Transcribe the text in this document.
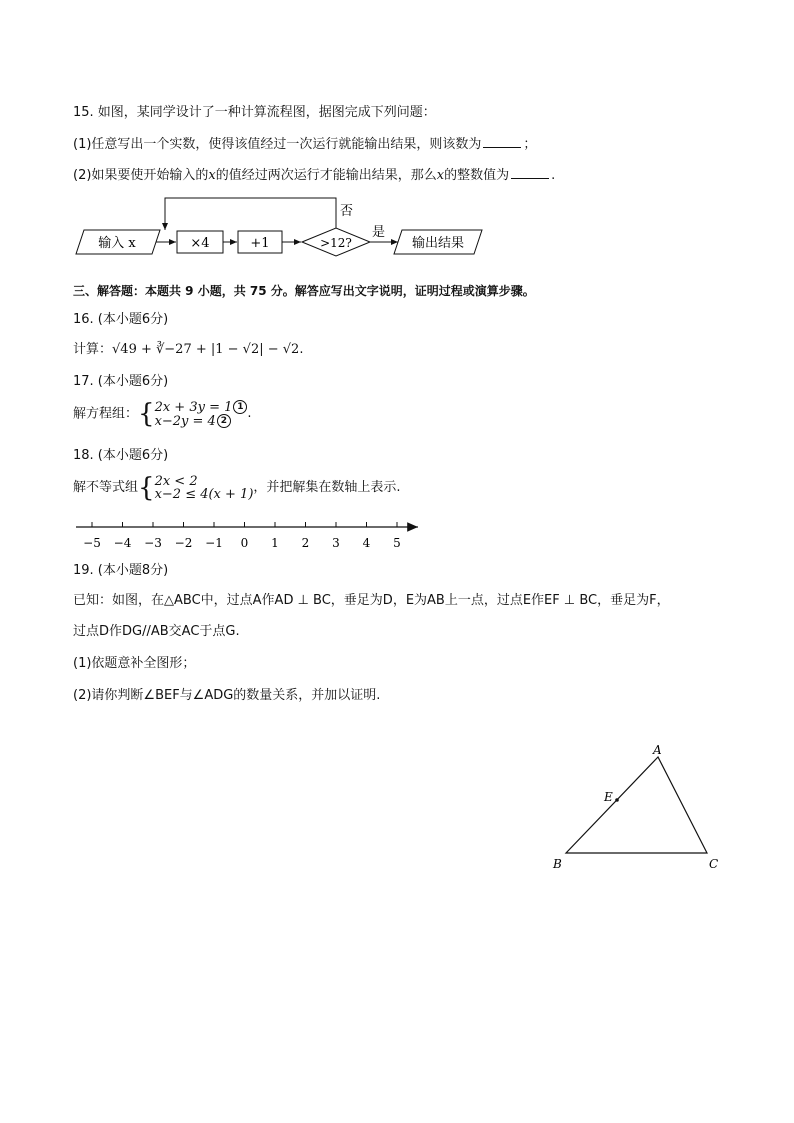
15. 如图，某同学设计了一种计算流程图，据图完成下列问题：
(1)任意写出一个实数，使得该值经过一次运行就能输出结果，则该数为	；
(2)如果要使开始输入的x的值经过两次运行才能输出结果，那么x的整数值为	.
输入 x	×4	+1	>12?
否
是
输出结果
三、解答题：本题共 9 小题，共 75 分。解答应写出文字说明，证明过程或演算步骤。
16. (本小题6分)
计算：√49 + ∛−27 + |1 − √2| − √2.
17. (本小题6分)
解方程组：{2x + 3y = 1 1
x−2y = 4 2 .
18. (本小题6分)
解不等式组{2x < 2
x−2 ≤ 4(x + 1)，并把解集在数轴上表示.
−5 −4 −3 −2 −1 0 1 2 3 4 5
19. (本小题8分)
已知：如图，在△ABC中，过点A作AD ⊥ BC，垂足为D，E为AB上一点，过点E作EF ⊥ BC，垂足为F，
过点D作DG//AB交AC于点G.
(1)依题意补全图形；
(2)请你判断∠BEF与∠ADG的数量关系，并加以证明.
A
E
B	C
